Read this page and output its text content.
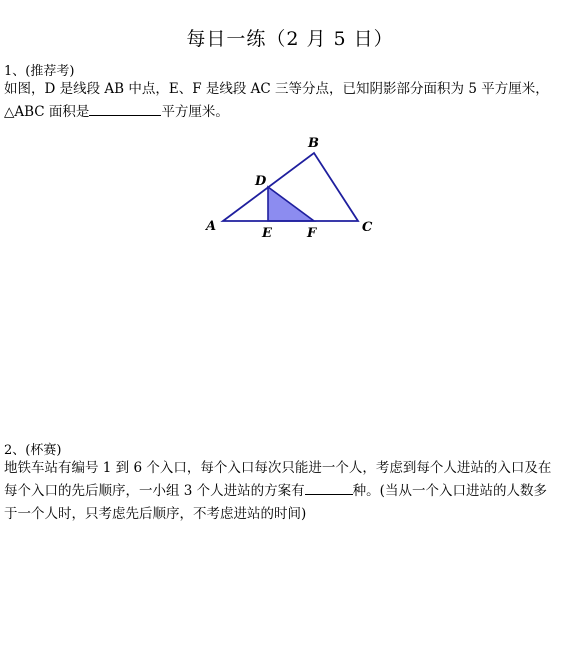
每日一练（2 月 5 日）
1、(推荐考)
如图，D 是线段 AB 中点，E、F 是线段 AC 三等分点，已知阴影部分面积为 5 平方厘米，
△ABC 面积是	平方厘米。
A
B
C
D
E	F
2、(杯赛)
地铁车站有编号 1 到 6 个入口，每个入口每次只能进一个人，考虑到每个人进站的入口及在
每个入口的先后顺序，一小组 3 个人进站的方案有	种。(当从一个入口进站的人数多
于一个人时，只考虑先后顺序，不考虑进站的时间)
